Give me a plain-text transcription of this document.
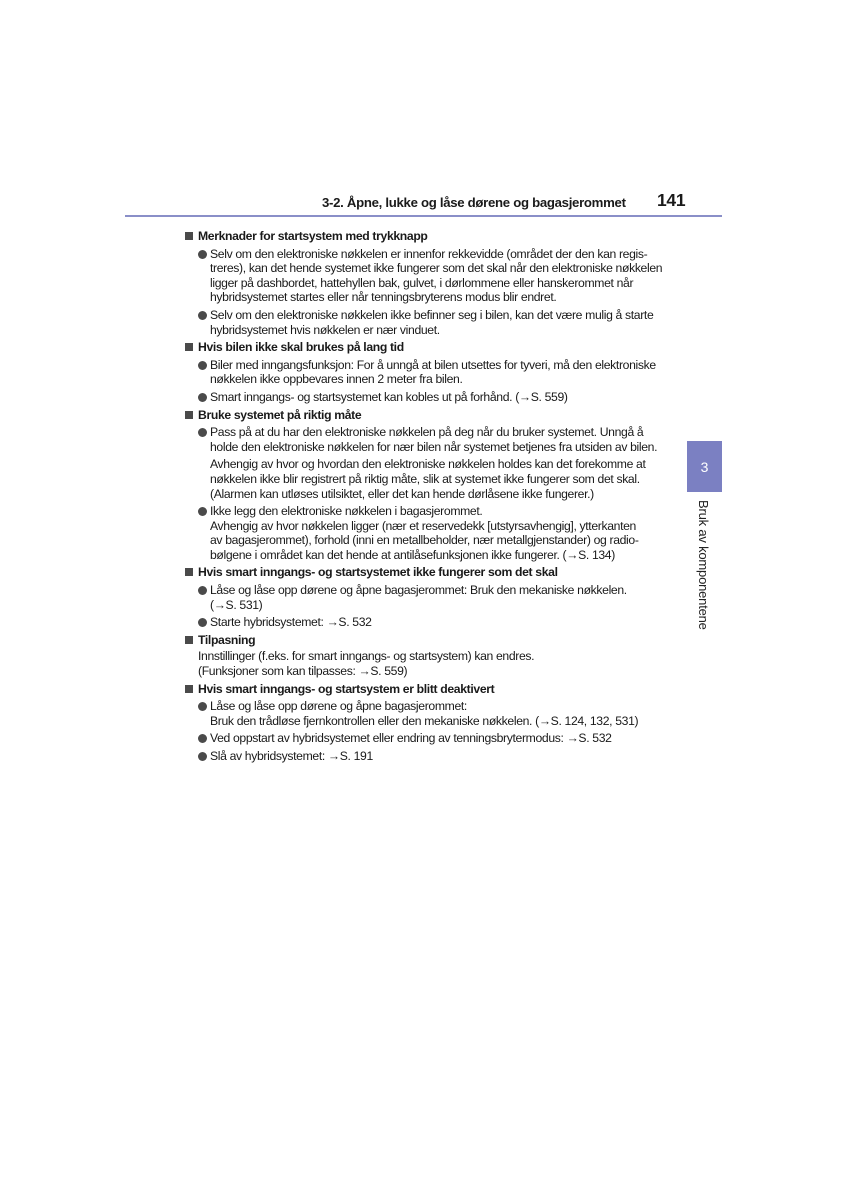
3-2. Åpne, lukke og låse dørene og bagasjerommet 141
3
Bruk av komponentene
Merknader for startsystem med trykknapp
Selv om den elektroniske nøkkelen er innenfor rekkevidde (området der den kan regis-
treres), kan det hende systemet ikke fungerer som det skal når den elektroniske nøkkelen
ligger på dashbordet, hattehyllen bak, gulvet, i dørlommene eller hanskerommet når
hybridsystemet startes eller når tenningsbryterens modus blir endret.
Selv om den elektroniske nøkkelen ikke befinner seg i bilen, kan det være mulig å starte
hybridsystemet hvis nøkkelen er nær vinduet.
Hvis bilen ikke skal brukes på lang tid
Biler med inngangsfunksjon: For å unngå at bilen utsettes for tyveri, må den elektroniske
nøkkelen ikke oppbevares innen 2 meter fra bilen.
Smart inngangs- og startsystemet kan kobles ut på forhånd. (→S. 559)
Bruke systemet på riktig måte
Pass på at du har den elektroniske nøkkelen på deg når du bruker systemet. Unngå å
holde den elektroniske nøkkelen for nær bilen når systemet betjenes fra utsiden av bilen.
Avhengig av hvor og hvordan den elektroniske nøkkelen holdes kan det forekomme at
nøkkelen ikke blir registrert på riktig måte, slik at systemet ikke fungerer som det skal.
(Alarmen kan utløses utilsiktet, eller det kan hende dørlåsene ikke fungerer.)
Ikke legg den elektroniske nøkkelen i bagasjerommet.
Avhengig av hvor nøkkelen ligger (nær et reservedekk [utstyrsavhengig], ytterkanten
av bagasjerommet), forhold (inni en metallbeholder, nær metallgjenstander) og radio-
bølgene i området kan det hende at antilåsefunksjonen ikke fungerer. (→S. 134)
Hvis smart inngangs- og startsystemet ikke fungerer som det skal
Låse og låse opp dørene og åpne bagasjerommet: Bruk den mekaniske nøkkelen.
(→S. 531)
Starte hybridsystemet: →S. 532
Tilpasning
Innstillinger (f.eks. for smart inngangs- og startsystem) kan endres.
(Funksjoner som kan tilpasses: →S. 559)
Hvis smart inngangs- og startsystem er blitt deaktivert
Låse og låse opp dørene og åpne bagasjerommet:
Bruk den trådløse fjernkontrollen eller den mekaniske nøkkelen. (→S. 124, 132, 531)
Ved oppstart av hybridsystemet eller endring av tenningsbrytermodus: →S. 532
Slå av hybridsystemet: →S. 191
